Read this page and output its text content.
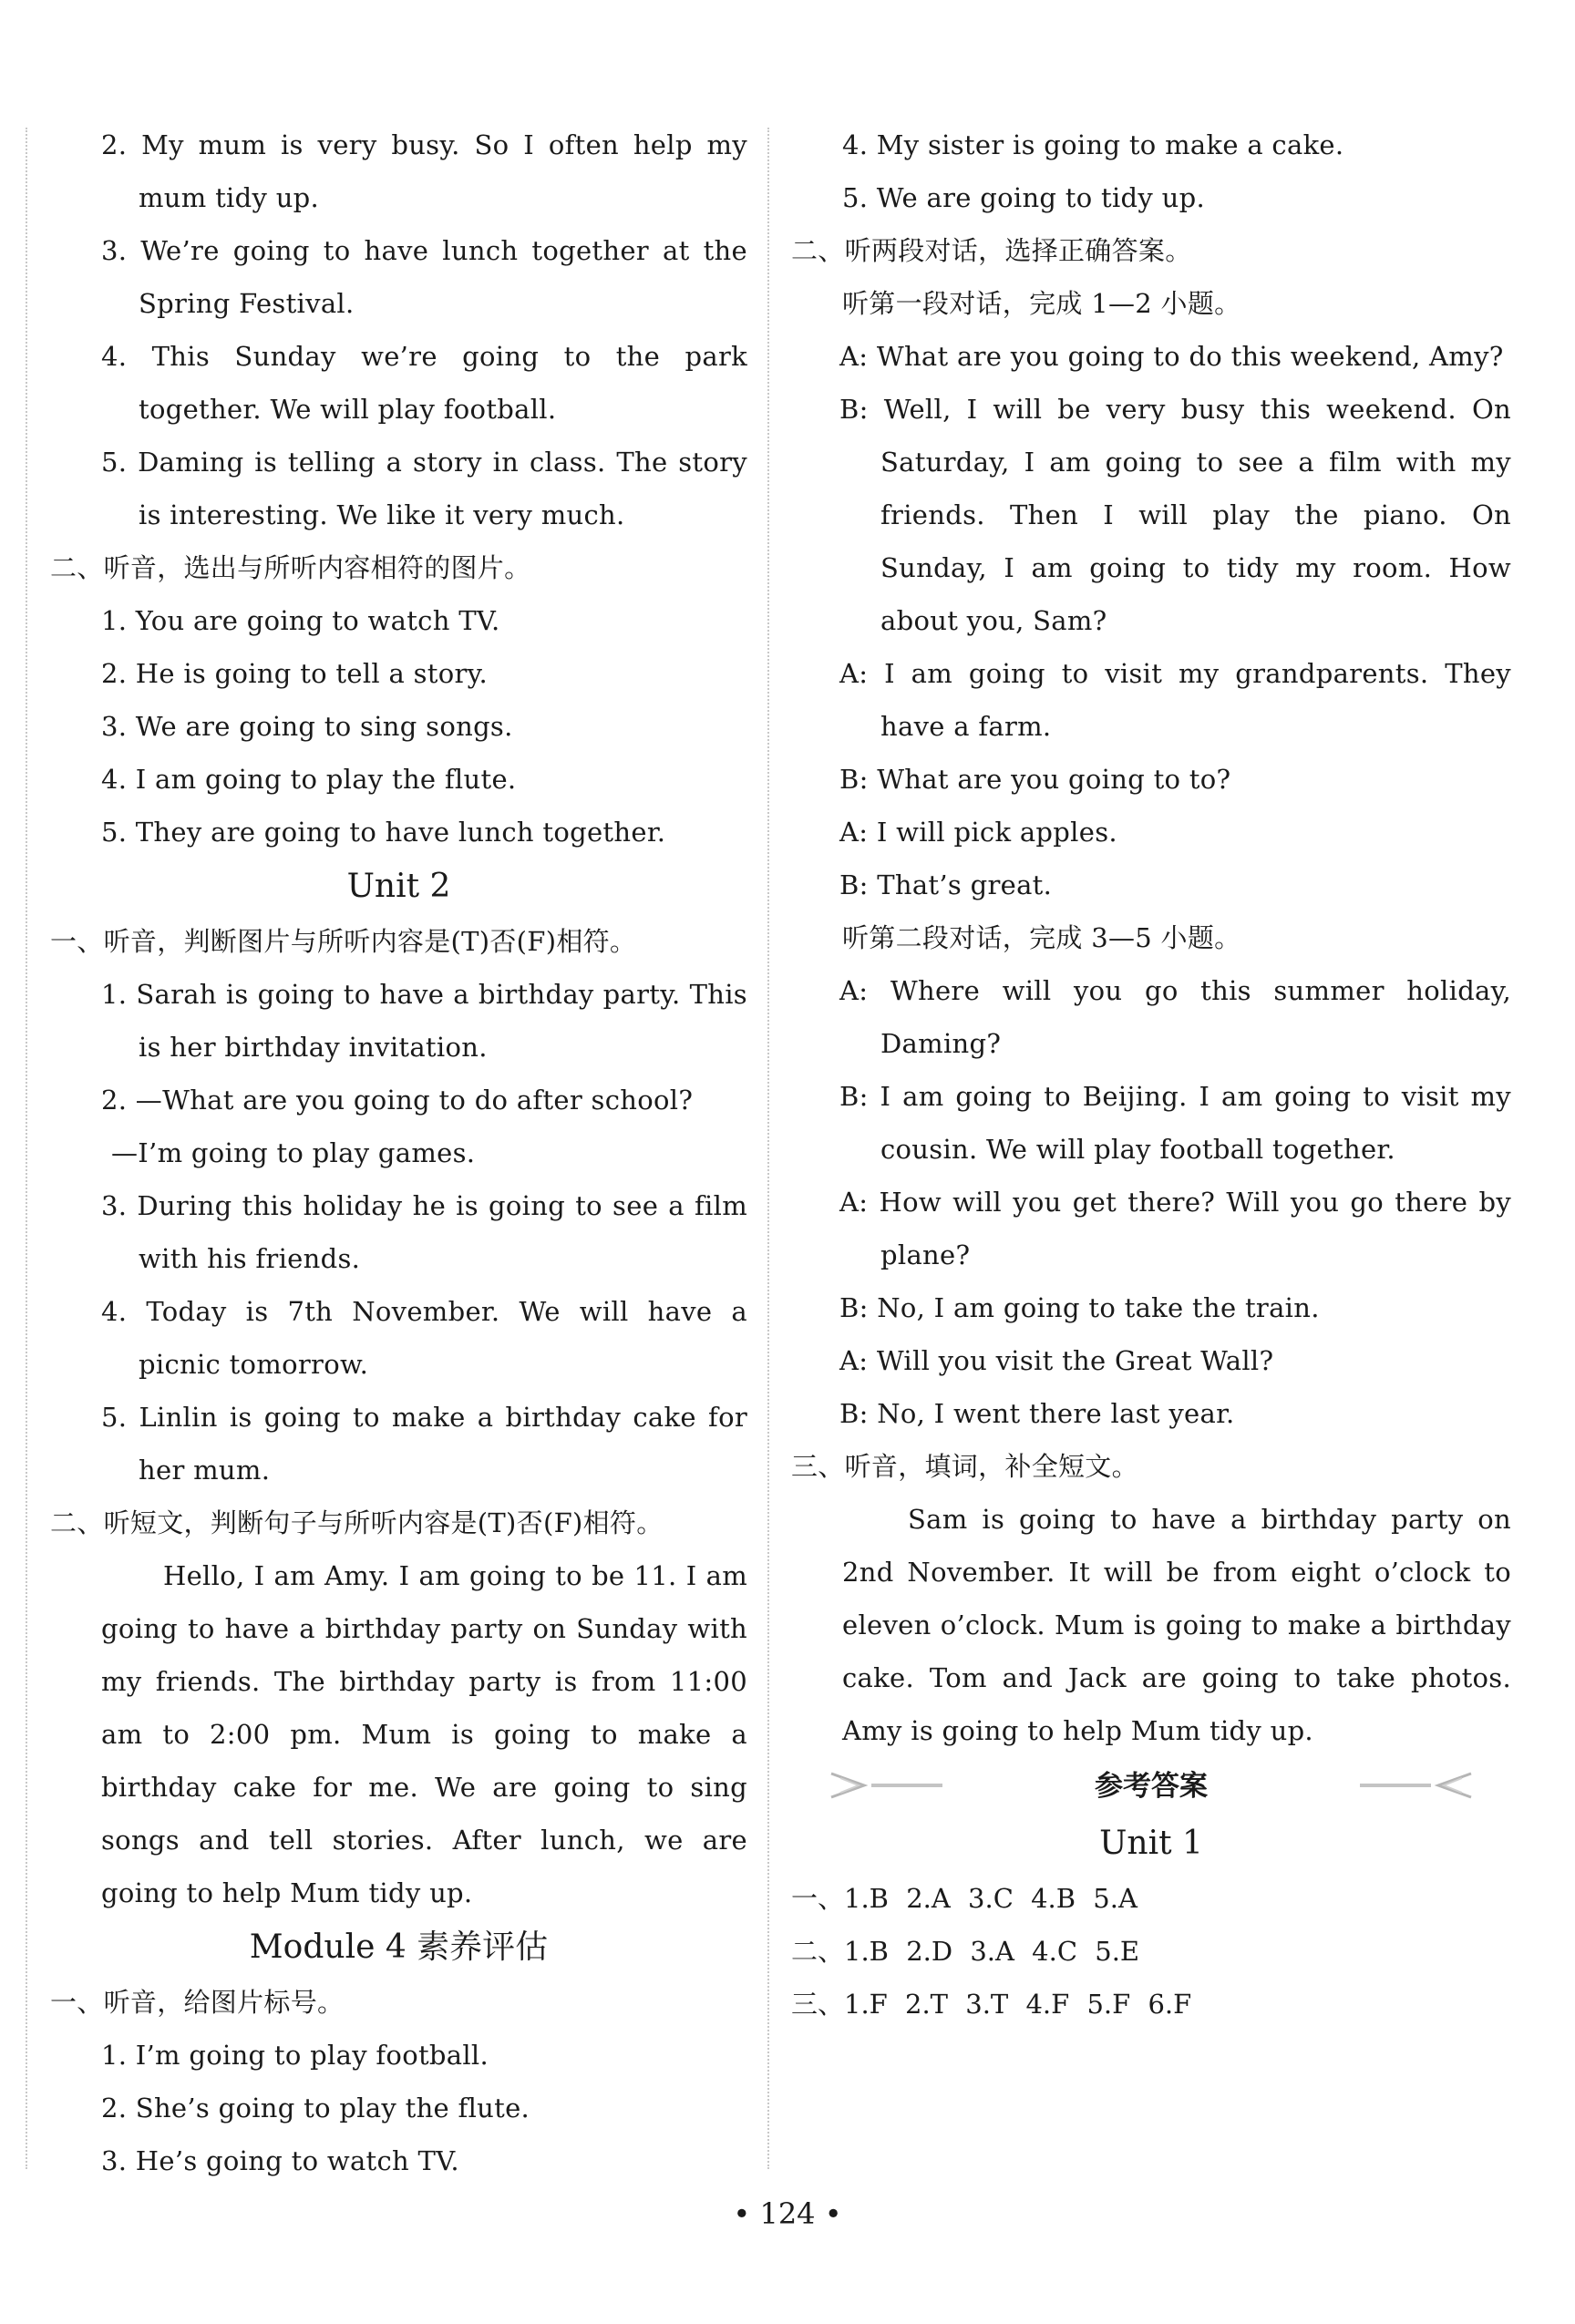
2. My mum is very busy. So I often help my mum tidy up.
3. We’re going to have lunch together at the Spring Festival.
4. This Sunday we’re going to the park together. We will play football.
5. Daming is telling a story in class. The story is interesting. We like it very much.
二、听音，选出与所听内容相符的图片。
1. You are going to watch TV.
2. He is going to tell a story.
3. We are going to sing songs.
4. I am going to play the flute.
5. They are going to have lunch together.
Unit 2
一、听音，判断图片与所听内容是(T)否(F)相符。
1. Sarah is going to have a birthday party. This is her birthday invitation.
2. —What are you going to do after school?
—I’m going to play games.
3. During this holiday he is going to see a film with his friends.
4. Today is 7th November. We will have a picnic tomorrow.
5. Linlin is going to make a birthday cake for her mum.
二、听短文，判断句子与所听内容是(T)否(F)相符。
Hello, I am Amy. I am going to be 11. I am going to have a birthday party on Sunday with my friends. The birthday party is from 11:00 am to 2:00 pm. Mum is going to make a birthday cake for me. We are going to sing songs and tell stories. After lunch, we are going to help Mum tidy up.
Module 4 素养评估
一、听音，给图片标号。
1. I’m going to play football.
2. She’s going to play the flute.
3. He’s going to watch TV.
4. My sister is going to make a cake.
5. We are going to tidy up.
二、听两段对话，选择正确答案。
听第一段对话，完成 1—2 小题。
A: What are you going to do this weekend, Amy?
B: Well, I will be very busy this weekend. On Saturday, I am going to see a film with my friends. Then I will play the piano. On Sunday, I am going to tidy my room. How about you, Sam?
A: I am going to visit my grandparents. They have a farm.
B: What are you going to to?
A: I will pick apples.
B: That’s great.
听第二段对话，完成 3—5 小题。
A: Where will you go this summer holiday, Daming?
B: I am going to Beijing. I am going to visit my cousin. We will play football together.
A: How will you get there? Will you go there by plane?
B: No, I am going to take the train.
A: Will you visit the Great Wall?
B: No, I went there last year.
三、听音，填词，补全短文。
Sam is going to have a birthday party on 2nd November. It will be from eight o’clock to eleven o’clock. Mum is going to make a birthday cake. Tom and Jack are going to take photos. Amy is going to help Mum tidy up.
参考答案
Unit 1
一、1.B 2.A 3.C 4.B 5.A
二、1.B 2.D 3.A 4.C 5.E
三、1.F 2.T 3.T 4.F 5.F 6.F
• 124 •
